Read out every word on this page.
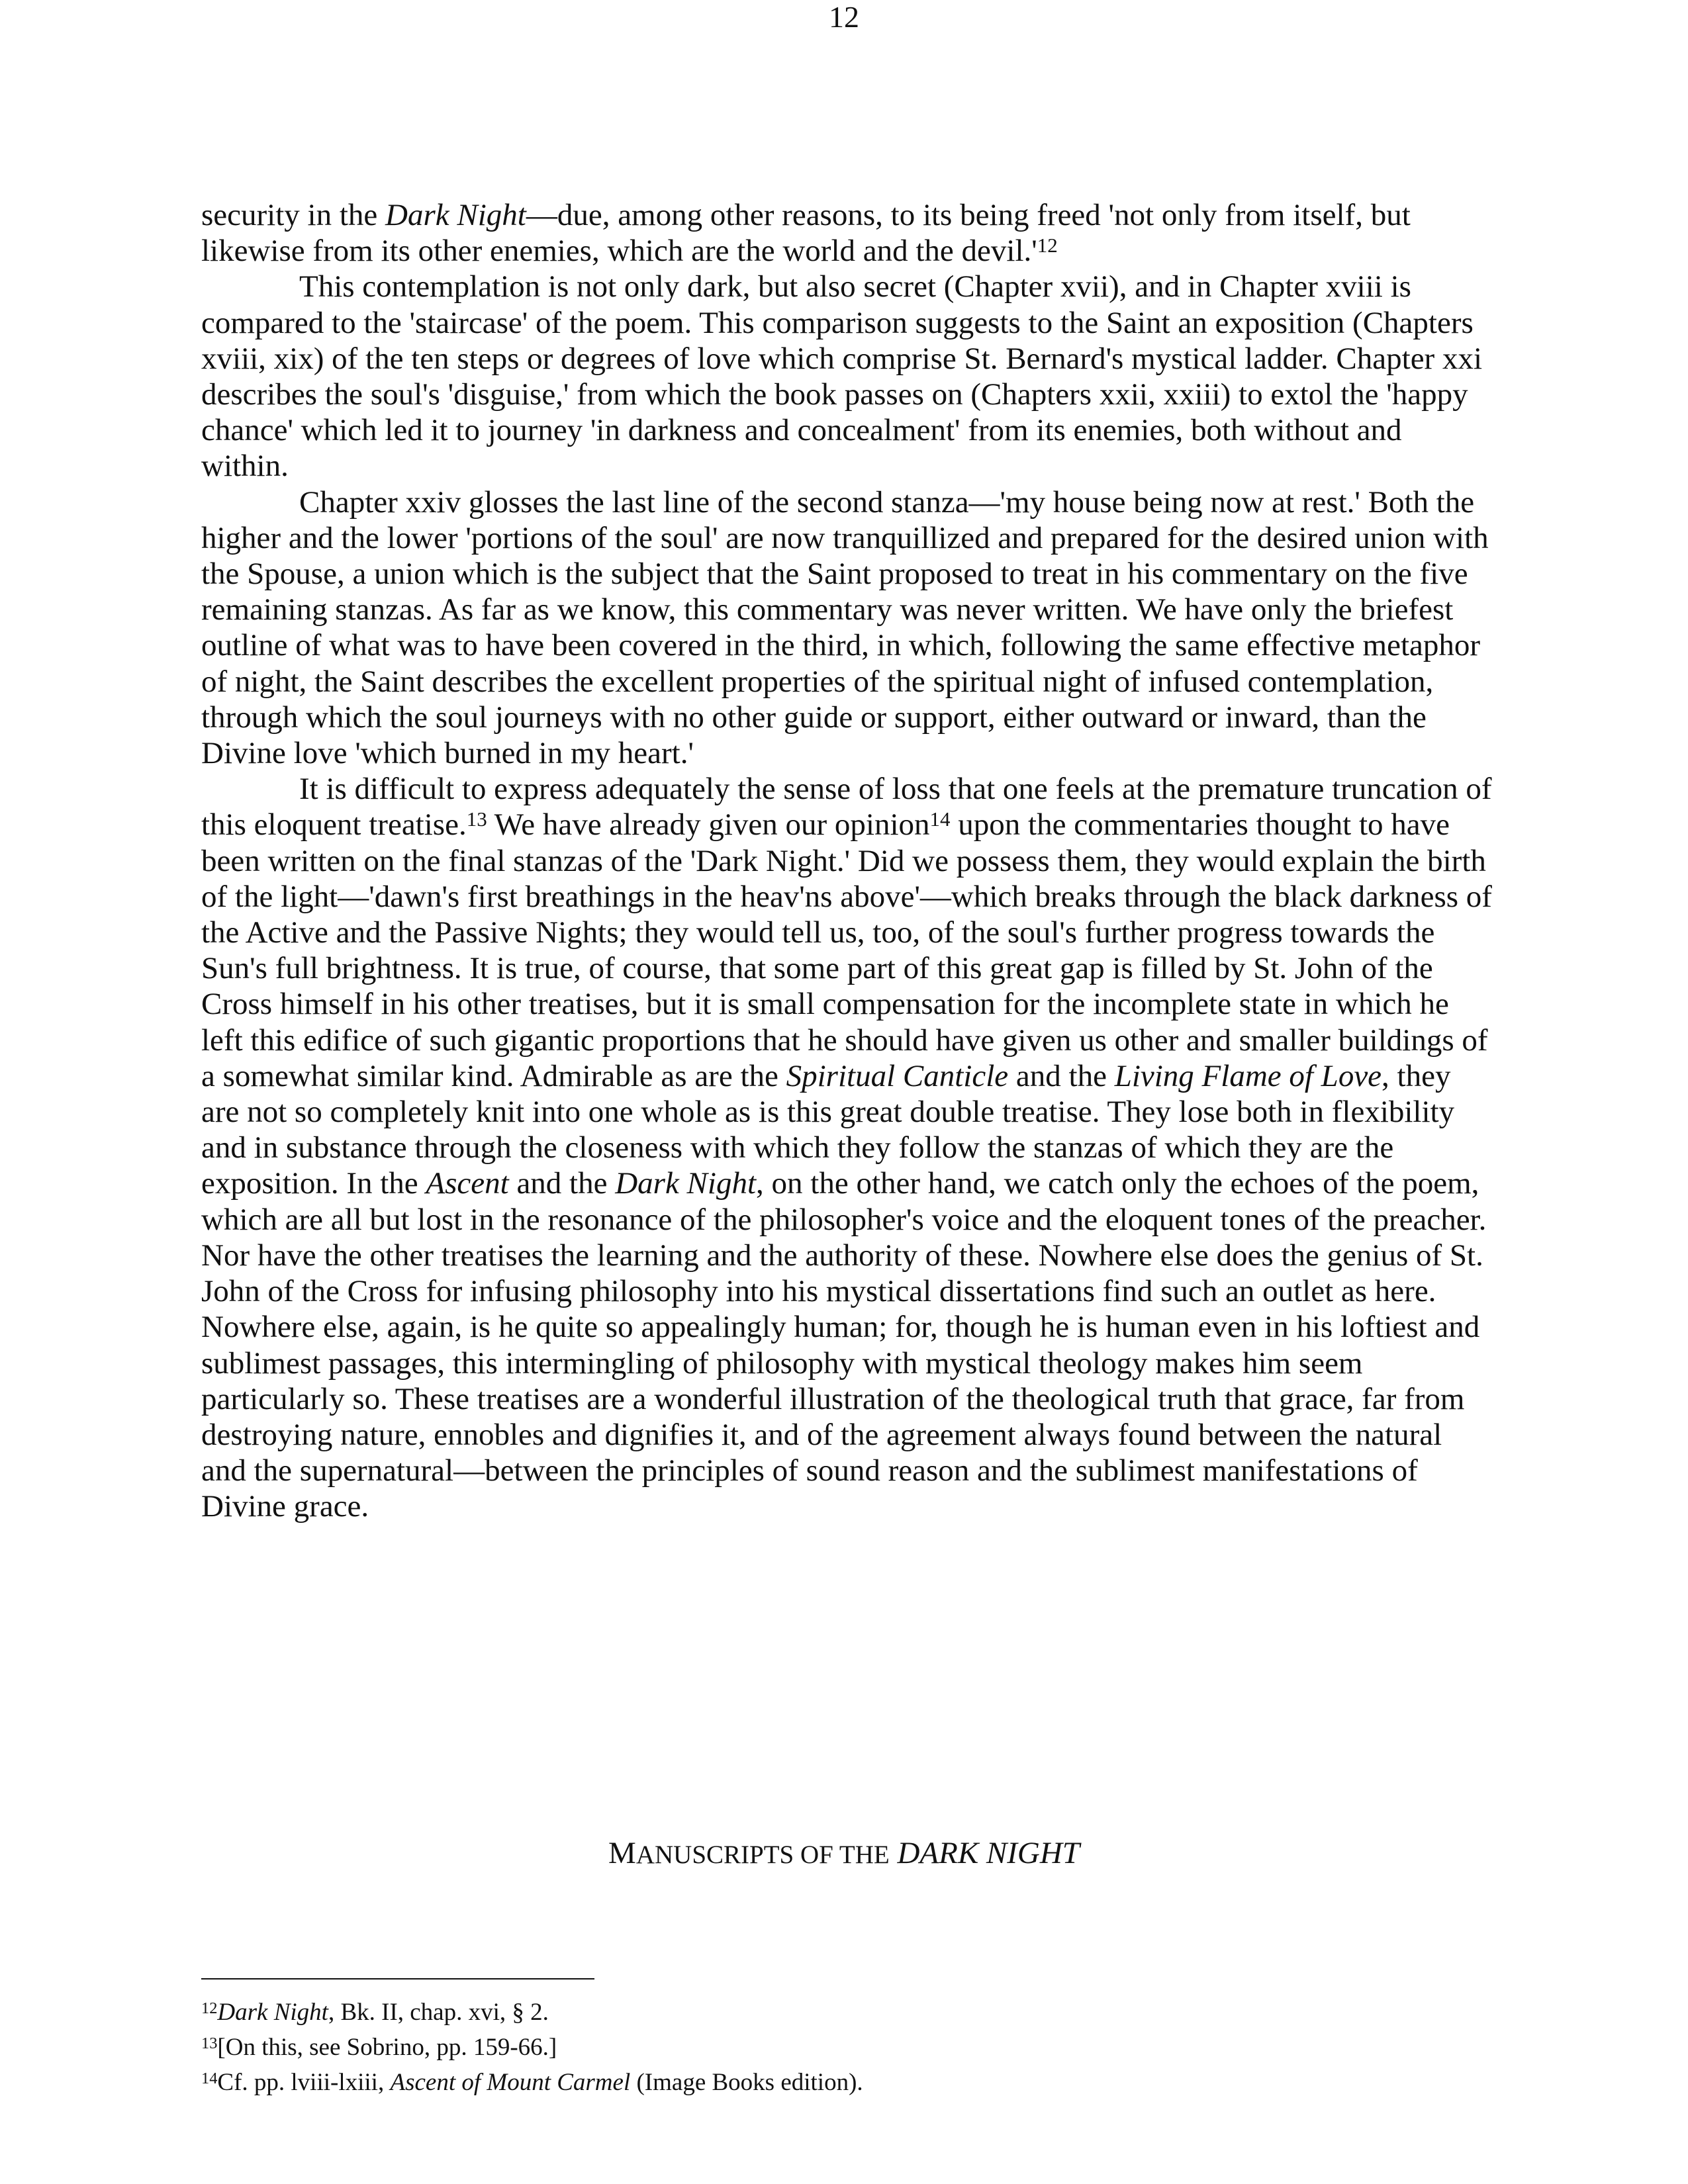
12

security in the Dark Night—due, among other reasons, to its being freed 'not only from itself, but likewise from its other enemies, which are the world and the $devil.'^{12}$

This contemplation is not only dark, but also secret (Chapter xvii), and in Chapter xviii is compared to the 'staircase' of the poem. This comparison suggests to the Saint an exposition (Chapters xviii, xix) of the ten steps or degrees of love which comprise St. Bernard's mystical ladder. Chapter xxi describes the soul's 'disguise,' from which the book passes on (Chapters xxii, xxiii) to extol the 'happy chance' which led it to journey 'in darkness and concealment' from its enemies, both without and within.

Chapter xxiv glosses the last line of the second stanza—'my house being now at rest.' Both the higher and the lower 'portions of the soul' are now tranquillized and prepared for the desired union with the Spouse, a union which is the subject that the Saint proposed to treat in his commentary on the five remaining stanzas. As far as we know, this commentary was never written. We have only the briefest outline of what was to have been covered in the third, in which, following the same effective metaphor of night, the Saint describes the excellent properties of the spiritual night of infused contemplation, through which the soul journeys with no other guide or support, either outward or inward, than the Divine love 'which burned in my heart.'

It is difficult to express adequately the sense of loss that one feels at the premature truncation of this eloquent treatise.$^{13}$ We have already given our opinion$^{14}$ upon the commentaries thought to have been written on the final stanzas of the 'Dark Night.' Did we possess them, they would explain the birth of the light—'dawn's first breathings in the heav'ns above'—which breaks through the black darkness of the Active and the Passive Nights; they would tell us, too, of the soul's further progress towards the Sun's full brightness. It is true, of course, that some part of this great gap is filled by St. John of the Cross himself in his other treatises, but it is small compensation for the incomplete state in which he left this edifice of such gigantic proportions that he should have given us other and smaller buildings of a somewhat similar kind. Admirable as are the Spiritual Canticle and the Living Flame of Love, they are not so completely knit into one whole as is this great double treatise. They lose both in flexibility and in substance through the closeness with which they follow the stanzas of which they are the exposition. In the Ascent and the Dark Night, on the other hand, we catch only the echoes of the poem, which are all but lost in the resonance of the philosopher's voice and the eloquent tones of the preacher. Nor have the other treatises the learning and the authority of these. Nowhere else does the genius of St. John of the Cross for infusing philosophy into his mystical dissertations find such an outlet as here. Nowhere else, again, is he quite so appealingly human; for, though he is human even in his loftiest and sublimest passages, this intermingling of philosophy with mystical theology makes him seem particularly so. These treatises are a wonderful illustration of the theological truth that grace, far from destroying nature, ennobles and dignifies it, and of the agreement always found between the natural and the supernatural—between the principles of sound reason and the sublimest manifestations of Divine grace.

MANUSCRIPTS OF THE DARK NIGHT

$^{12}$Dark Night, Bk. II, chap. xvi, § 2.

$^{13}$[On this, see Sobrino, pp. 159-66.]

$^{14}$Cf. pp. lviii-lxiii, Ascent of Mount Carmel (Image Books edition).
